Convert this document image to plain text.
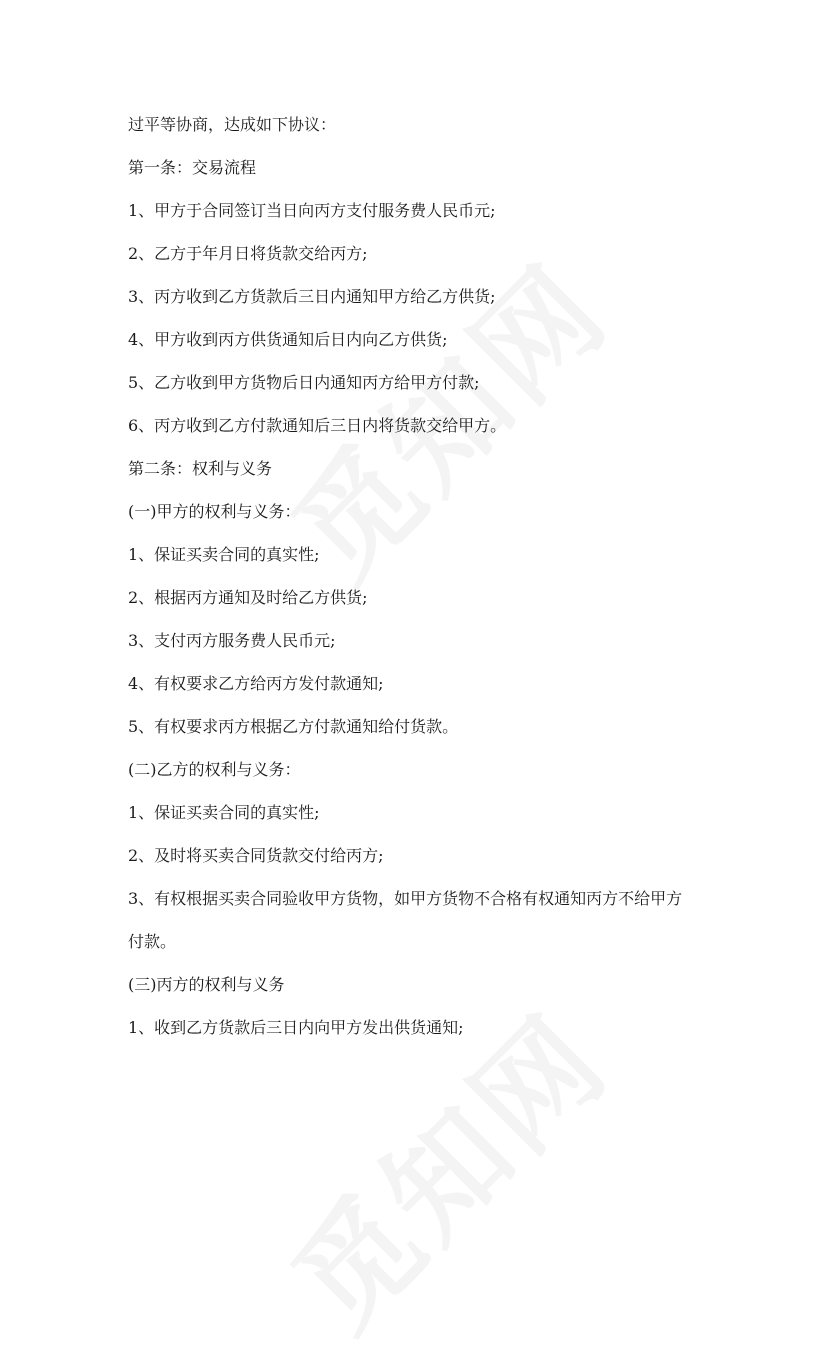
过平等协商，达成如下协议：
第一条：交易流程
1、甲方于合同签订当日向丙方支付服务费人民币元;
2、乙方于年月日将货款交给丙方;
3、丙方收到乙方货款后三日内通知甲方给乙方供货;
4、甲方收到丙方供货通知后日内向乙方供货;
5、乙方收到甲方货物后日内通知丙方给甲方付款;
6、丙方收到乙方付款通知后三日内将货款交给甲方。
第二条：权利与义务
(一)甲方的权利与义务：
1、保证买卖合同的真实性;
2、根据丙方通知及时给乙方供货;
3、支付丙方服务费人民币元;
4、有权要求乙方给丙方发付款通知;
5、有权要求丙方根据乙方付款通知给付货款。
(二)乙方的权利与义务：
1、保证买卖合同的真实性;
2、及时将买卖合同货款交付给丙方;
3、有权根据买卖合同验收甲方货物，如甲方货物不合格有权通知丙方不给甲方
付款。
(三)丙方的权利与义务
1、收到乙方货款后三日内向甲方发出供货通知;
